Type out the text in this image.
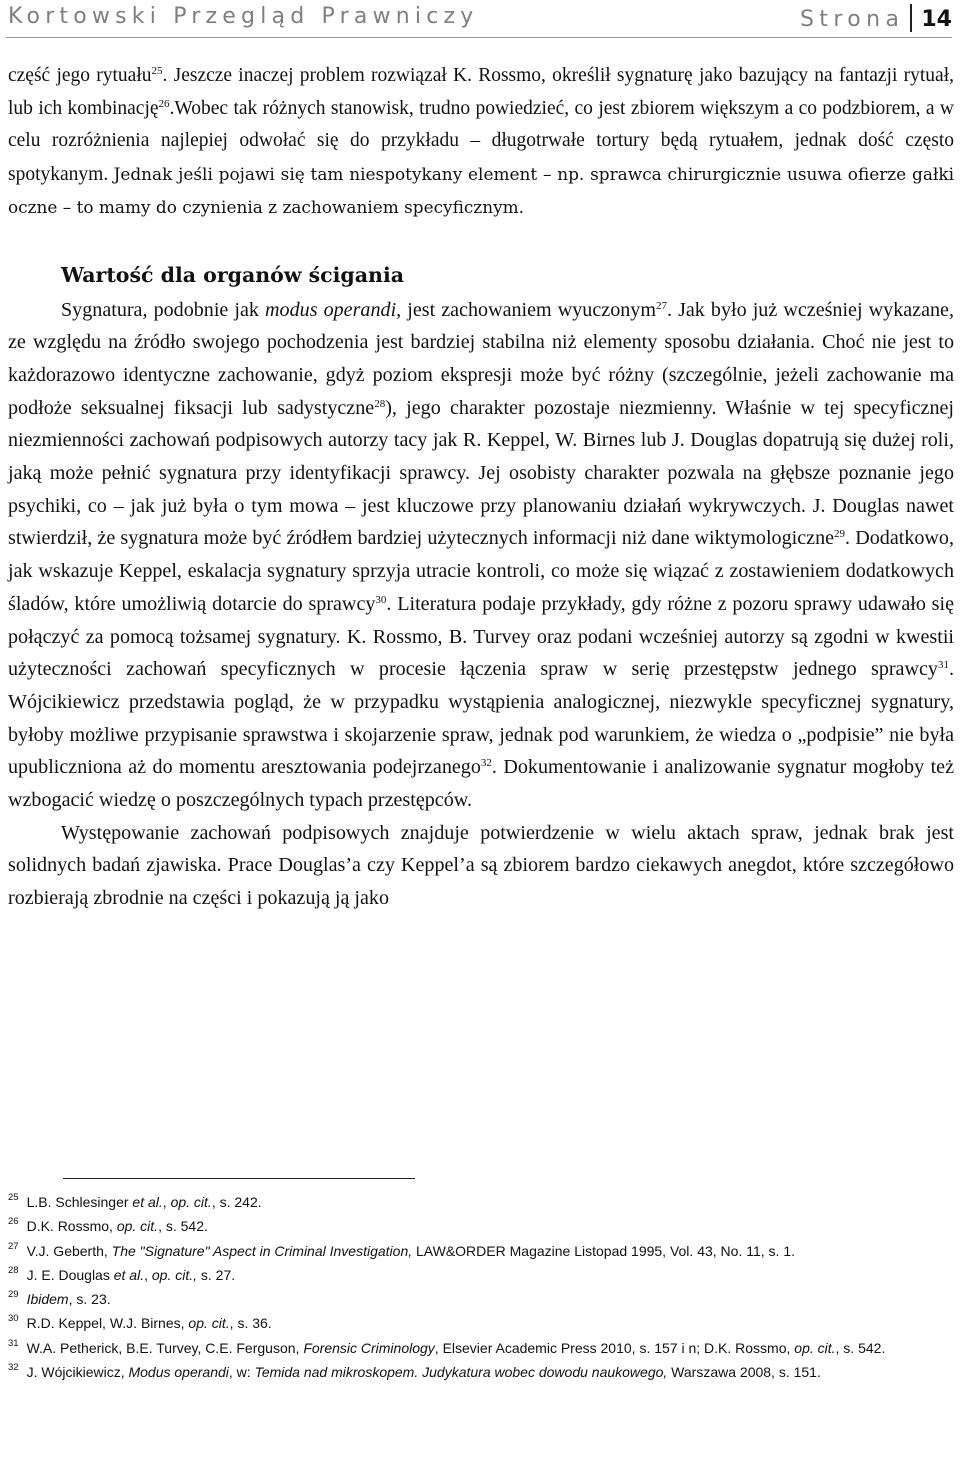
Kortowski Przegląd Prawniczy	Strona 14

część jego rytuału$^{25}$. Jeszcze inaczej problem rozwiązał K. Rossmo, określił sygnaturę jako bazujący na fantazji rytuał, lub ich kombinację$^{26}$.Wobec tak różnych stanowisk, trudno powiedzieć, co jest zbiorem większym a co podzbiorem, a w celu rozróżnienia najlepiej odwołać się do przykładu – długotrwałe tortury będą rytuałem, jednak dość często spotykanym. Jednak jeśli pojawi się tam niespotykany element – np. sprawca chirurgicznie usuwa ofierze gałki oczne – to mamy do czynienia z zachowaniem specyficznym.

Wartość dla organów ścigania

Sygnatura, podobnie jak modus operandi, jest zachowaniem wyuczonym$^{27}$. Jak było już wcześniej wykazane, ze względu na źródło swojego pochodzenia jest bardziej stabilna niż elementy sposobu działania. Choć nie jest to każdorazowo identyczne zachowanie, gdyż poziom ekspresji może być różny (szczególnie, jeżeli zachowanie ma podłoże seksualnej fiksacji lub sadystyczne$^{28}$), jego charakter pozostaje niezmienny. Właśnie w tej specyficznej niezmienności zachowań podpisowych autorzy tacy jak R. Keppel, W. Birnes lub J. Douglas dopatrują się dużej roli, jaką może pełnić sygnatura przy identyfikacji sprawcy. Jej osobisty charakter pozwala na głębsze poznanie jego psychiki, co – jak już była o tym mowa – jest kluczowe przy planowaniu działań wykrywczych. J. Douglas nawet stwierdził, że sygnatura może być źródłem bardziej użytecznych informacji niż dane wiktymologiczne$^{29}$. Dodatkowo, jak wskazuje Keppel, eskalacja sygnatury sprzyja utracie kontroli, co może się wiązać z zostawieniem dodatkowych śladów, które umożliwią dotarcie do sprawcy$^{30}$. Literatura podaje przykłady, gdy różne z pozoru sprawy udawało się połączyć za pomocą tożsamej sygnatury. K. Rossmo, B. Turvey oraz podani wcześniej autorzy są zgodni w kwestii użyteczności zachowań specyficznych w procesie łączenia spraw w serię przestępstw jednego sprawcy$^{31}$. Wójcikiewicz przedstawia pogląd, że w przypadku wystąpienia analogicznej, niezwykle specyficznej sygnatury, byłoby możliwe przypisanie sprawstwa i skojarzenie spraw, jednak pod warunkiem, że wiedza o „podpisie” nie była upubliczniona aż do momentu aresztowania podejrzanego$^{32}$. Dokumentowanie i analizowanie sygnatur mogłoby też wzbogacić wiedzę o poszczególnych typach przestępców.

Występowanie zachowań podpisowych znajduje potwierdzenie w wielu aktach spraw, jednak brak jest solidnych badań zjawiska. Prace Douglas’a czy Keppel’a są zbiorem bardzo ciekawych anegdot, które szczegółowo rozbierają zbrodnie na części i pokazują ją jako

$^{25}$ L.B. Schlesinger et al., op. cit., s. 242.

$^{26}$ D.K. Rossmo, op. cit., s. 542.

$^{27}$ V.J. Geberth, The "Signature" Aspect in Criminal Investigation, LAW&ORDER Magazine Listopad 1995, Vol. 43, No. 11, s. 1.

$^{28}$ J. E. Douglas et al., op. cit., s. 27.

$^{29}$ Ibidem, s. 23.

$^{30}$ R.D. Keppel, W.J. Birnes, op. cit., s. 36.

$^{31}$ W.A. Petherick, B.E. Turvey, C.E. Ferguson, Forensic Criminology, Elsevier Academic Press 2010, s. 157 i n; D.K. Rossmo, op. cit., s. 542.

$^{32}$ J. Wójcikiewicz, Modus operandi, w: Temida nad mikroskopem. Judykatura wobec dowodu naukowego, Warszawa 2008, s. 151.
